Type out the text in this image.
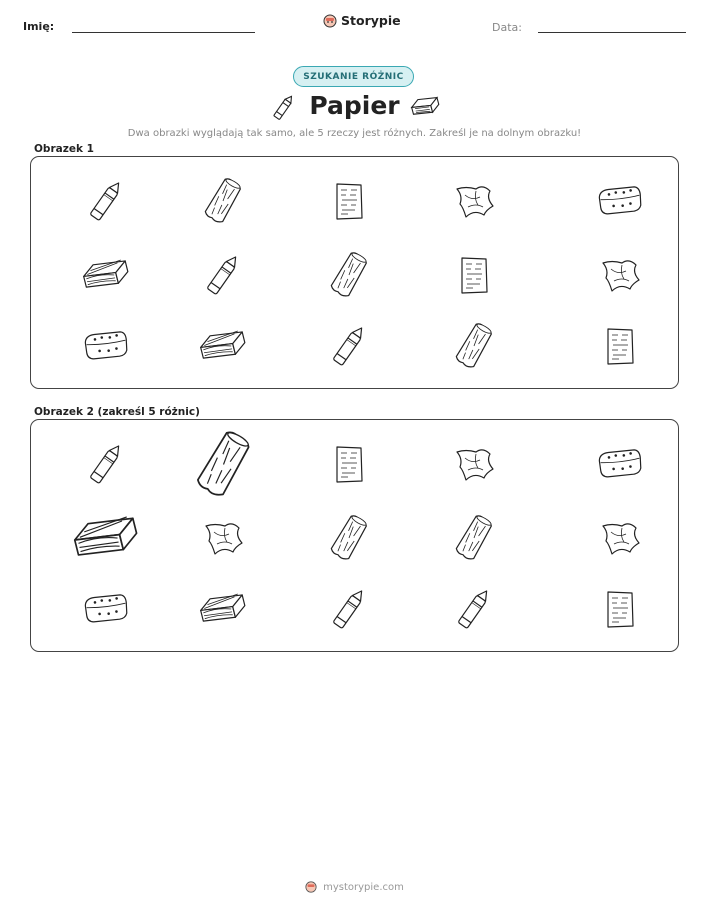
Imię:	Storypie	Data:
SZUKANIE RÓŻNIC
Papier
Dwa obrazki wyglądają tak samo, ale 5 rzeczy jest różnych. Zakreśl je na dolnym obrazku!
Obrazek 1
Obrazek 2 (zakreśl 5 różnic)
mystorypie.com
